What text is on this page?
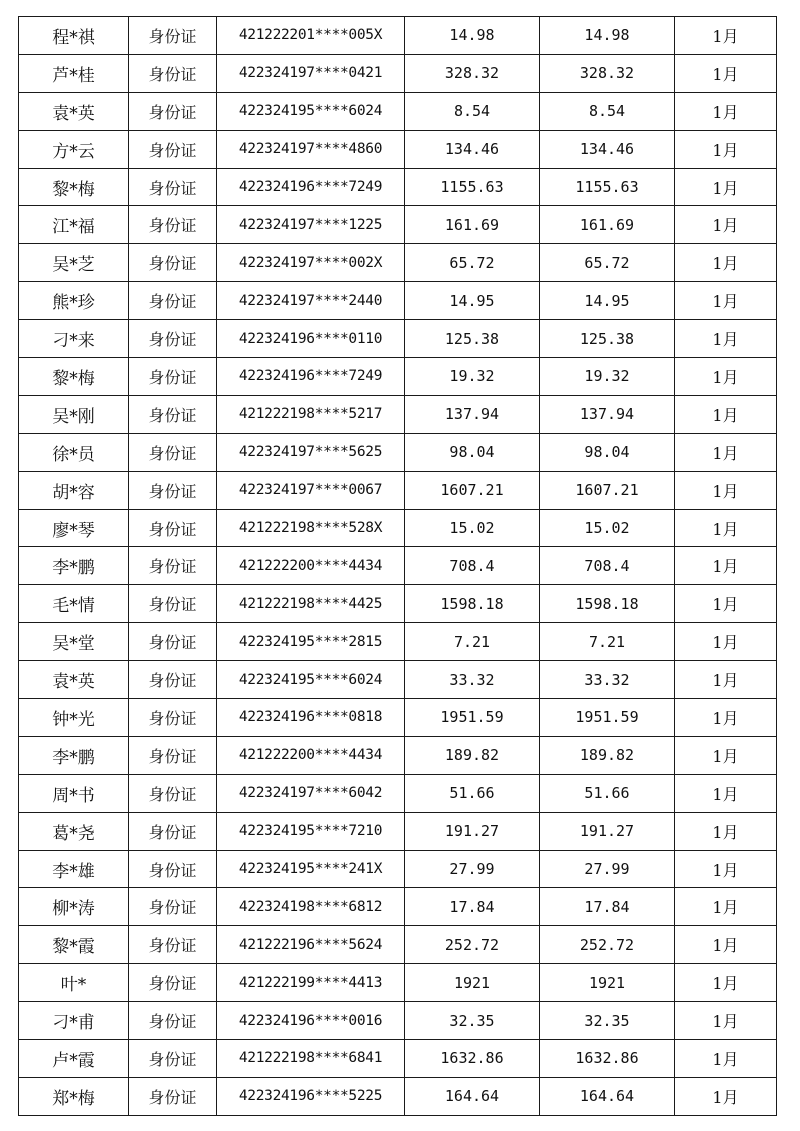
程*祺	身份证	421222201****005X	14.98	14.98	1月
芦*桂	身份证	422324197****0421	328.32	328.32	1月
袁*英	身份证	422324195****6024	8.54	8.54	1月
方*云	身份证	422324197****4860	134.46	134.46	1月
黎*梅	身份证	422324196****7249	1155.63	1155.63	1月
江*福	身份证	422324197****1225	161.69	161.69	1月
吴*芝	身份证	422324197****002X	65.72	65.72	1月
熊*珍	身份证	422324197****2440	14.95	14.95	1月
刁*来	身份证	422324196****0110	125.38	125.38	1月
黎*梅	身份证	422324196****7249	19.32	19.32	1月
吴*刚	身份证	421222198****5217	137.94	137.94	1月
徐*员	身份证	422324197****5625	98.04	98.04	1月
胡*容	身份证	422324197****0067	1607.21	1607.21	1月
廖*琴	身份证	421222198****528X	15.02	15.02	1月
李*鹏	身份证	421222200****4434	708.4	708.4	1月
毛*情	身份证	421222198****4425	1598.18	1598.18	1月
吴*堂	身份证	422324195****2815	7.21	7.21	1月
袁*英	身份证	422324195****6024	33.32	33.32	1月
钟*光	身份证	422324196****0818	1951.59	1951.59	1月
李*鹏	身份证	421222200****4434	189.82	189.82	1月
周*书	身份证	422324197****6042	51.66	51.66	1月
葛*尧	身份证	422324195****7210	191.27	191.27	1月
李*雄	身份证	422324195****241X	27.99	27.99	1月
柳*涛	身份证	422324198****6812	17.84	17.84	1月
黎*霞	身份证	421222196****5624	252.72	252.72	1月
叶*	身份证	421222199****4413	1921	1921	1月
刁*甫	身份证	422324196****0016	32.35	32.35	1月
卢*霞	身份证	421222198****6841	1632.86	1632.86	1月
郑*梅	身份证	422324196****5225	164.64	164.64	1月
